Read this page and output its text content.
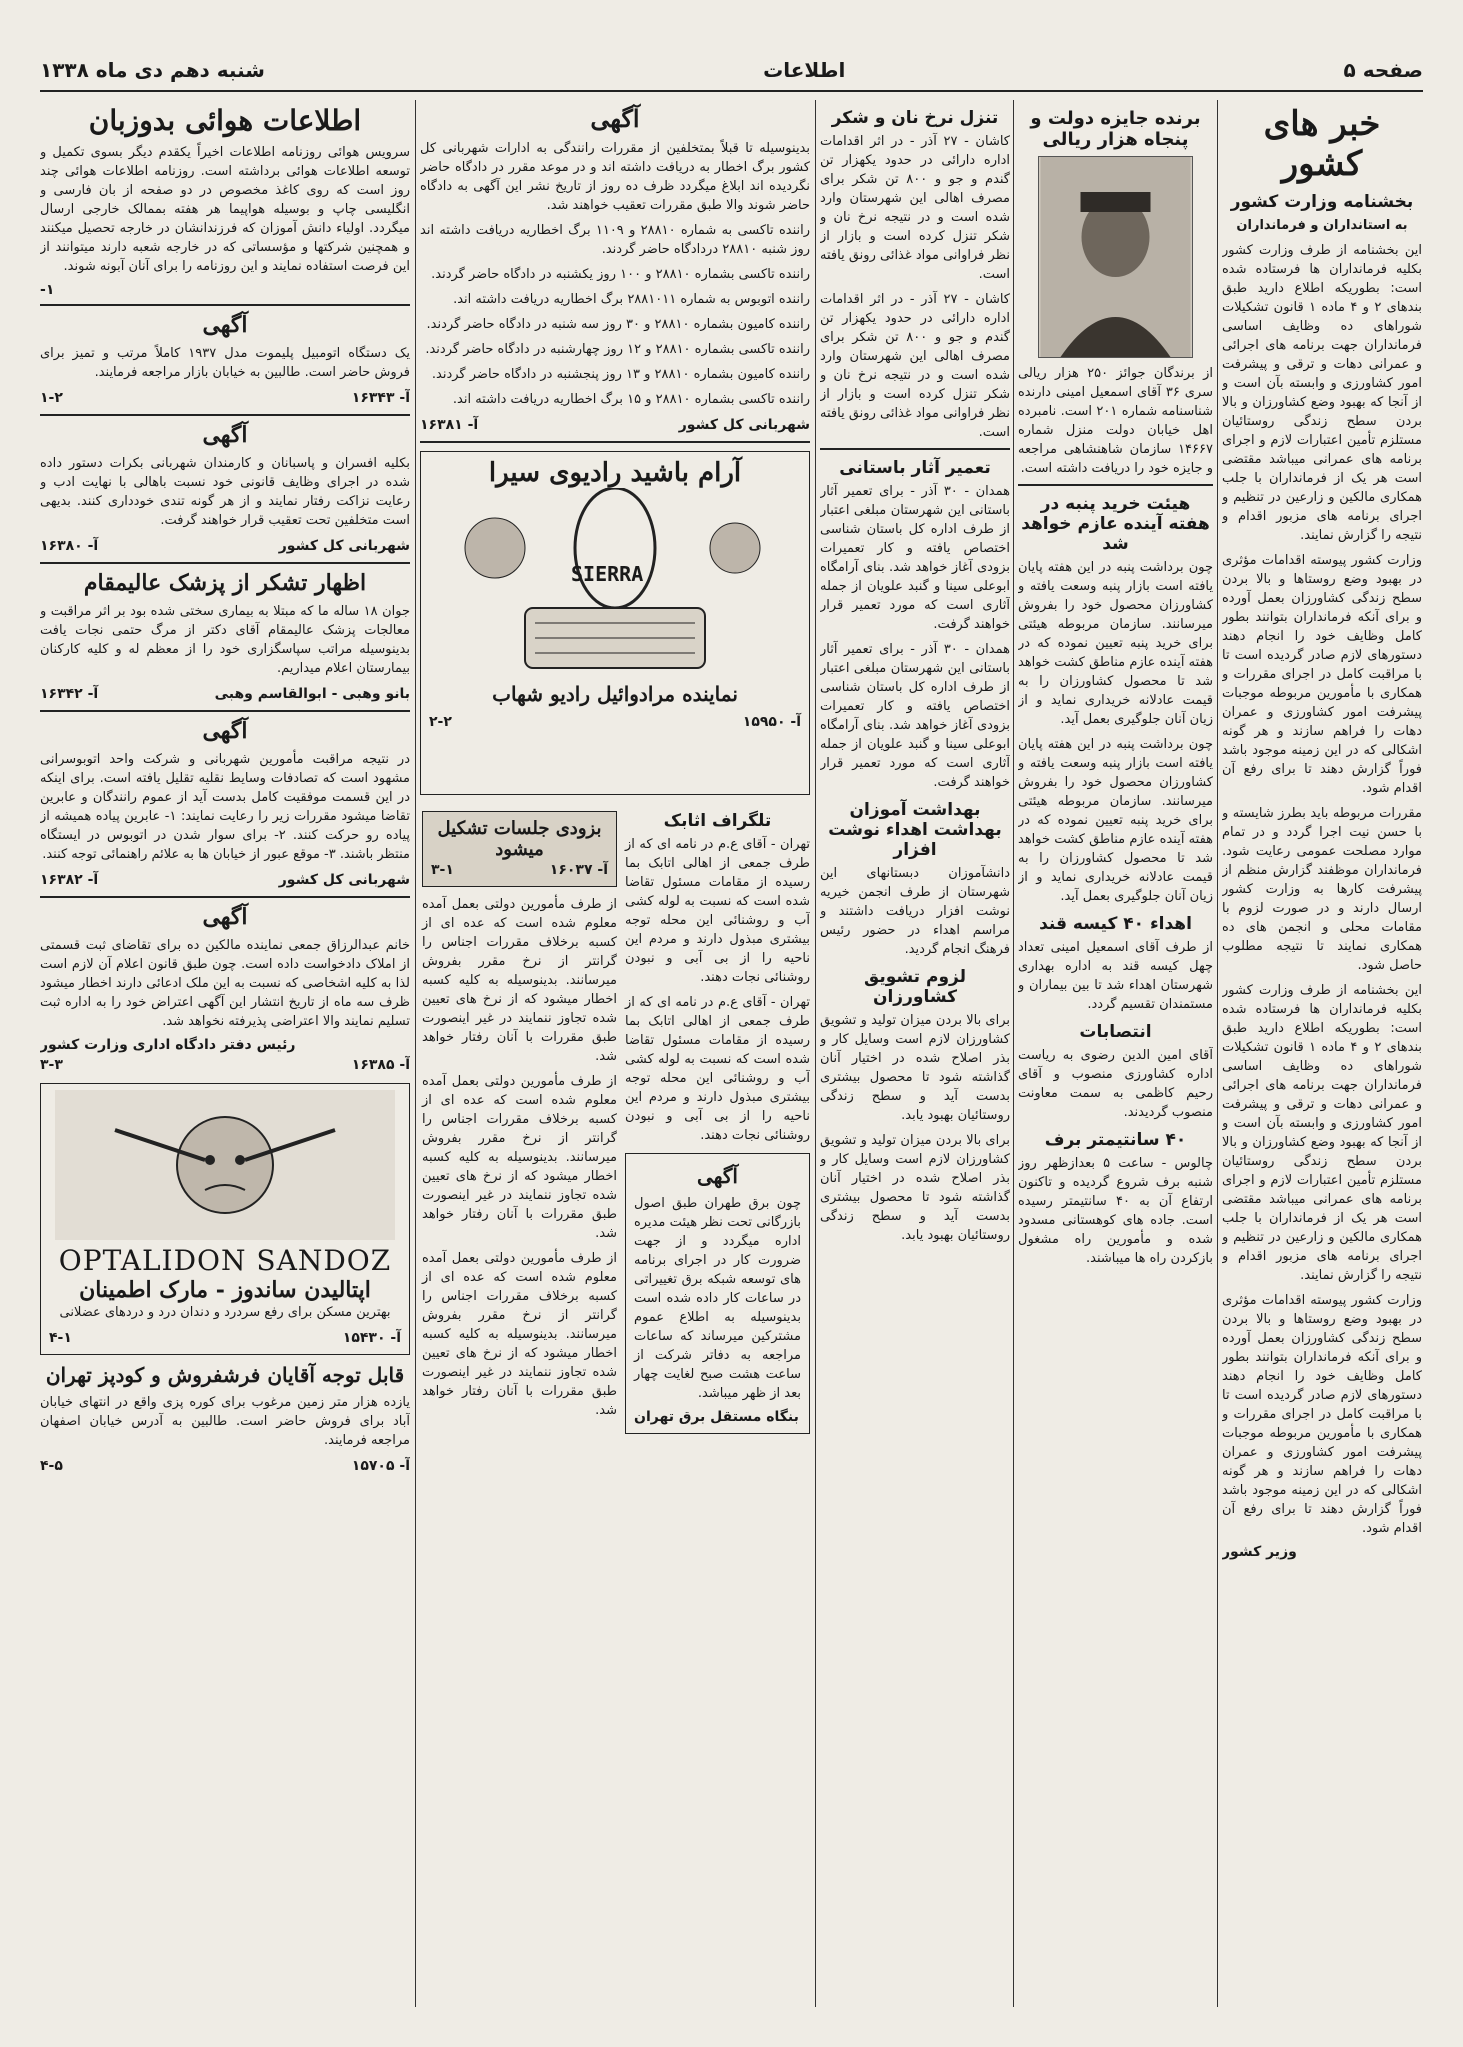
صفحه ۵
اطلاعات
شنبه دهم دی ماه ۱۳۳۸
خبر های کشور
بخشنامه وزارت کشور
به استانداران و فرمانداران

این بخشنامه از طرف وزارت کشور بکلیه فرمانداران ها فرستاده شده است: بطوریکه اطلاع دارید طبق بندهای ۲ و ۴ ماده ۱ قانون تشکیلات شوراهای ده وظایف اساسی فرمانداران جهت برنامه های اجرائی و عمرانی دهات و ترقی و پیشرفت امور کشاورزی و وابسته بآن است و از آنجا که بهبود وضع کشاورزان و بالا بردن سطح زندگی روستائیان مستلزم تأمین اعتبارات لازم و اجرای برنامه های عمرانی میباشد مقتضی است هر یک از فرمانداران با جلب همکاری مالکین و زارعین در تنظیم و اجرای برنامه های مزبور اقدام و نتیجه را گزارش نمایند.

وزارت کشور پیوسته اقدامات مؤثری در بهبود وضع روستاها و بالا بردن سطح زندگی کشاورزان بعمل آورده و برای آنکه فرمانداران بتوانند بطور کامل وظایف خود را انجام دهند دستورهای لازم صادر گردیده است تا با مراقبت کامل در اجرای مقررات و همکاری با مأمورین مربوطه موجبات پیشرفت امور کشاورزی و عمران دهات را فراهم سازند و هر گونه اشکالی که در این زمینه موجود باشد فوراً گزارش دهند تا برای رفع آن اقدام شود.

مقررات مربوطه باید بطرز شایسته و با حسن نیت اجرا گردد و در تمام موارد مصلحت عمومی رعایت شود. فرمانداران موظفند گزارش منظم از پیشرفت کارها به وزارت کشور ارسال دارند و در صورت لزوم با مقامات محلی و انجمن های ده همکاری نمایند تا نتیجه مطلوب حاصل شود.

این بخشنامه از طرف وزارت کشور بکلیه فرمانداران ها فرستاده شده است: بطوریکه اطلاع دارید طبق بندهای ۲ و ۴ ماده ۱ قانون تشکیلات شوراهای ده وظایف اساسی فرمانداران جهت برنامه های اجرائی و عمرانی دهات و ترقی و پیشرفت امور کشاورزی و وابسته بآن است و از آنجا که بهبود وضع کشاورزان و بالا بردن سطح زندگی روستائیان مستلزم تأمین اعتبارات لازم و اجرای برنامه های عمرانی میباشد مقتضی است هر یک از فرمانداران با جلب همکاری مالکین و زارعین در تنظیم و اجرای برنامه های مزبور اقدام و نتیجه را گزارش نمایند.

وزارت کشور پیوسته اقدامات مؤثری در بهبود وضع روستاها و بالا بردن سطح زندگی کشاورزان بعمل آورده و برای آنکه فرمانداران بتوانند بطور کامل وظایف خود را انجام دهند دستورهای لازم صادر گردیده است تا با مراقبت کامل در اجرای مقررات و همکاری با مأمورین مربوطه موجبات پیشرفت امور کشاورزی و عمران دهات را فراهم سازند و هر گونه اشکالی که در این زمینه موجود باشد فوراً گزارش دهند تا برای رفع آن اقدام شود.

وزیر کشور
برنده جایزه دولت و پنجاه هزار ریالی

از برندگان جوائز ۲۵۰ هزار ریالی سری ۳۶ آقای اسمعیل امینی دارنده شناسنامه شماره ۲۰۱ است. نامبرده اهل خیابان دولت منزل شماره ۱۴۶۶۷ سازمان شاهنشاهی مراجعه و جایزه خود را دریافت داشته است.

هیئت خرید پنبه در هفته آینده عازم خواهد شد

چون برداشت پنبه در این هفته پایان یافته است بازار پنبه وسعت یافته و کشاورزان محصول خود را بفروش میرسانند. سازمان مربوطه هیئتی برای خرید پنبه تعیین نموده که در هفته آینده عازم مناطق کشت خواهد شد تا محصول کشاورزان را به قیمت عادلانه خریداری نماید و از زیان آنان جلوگیری بعمل آید.

چون برداشت پنبه در این هفته پایان یافته است بازار پنبه وسعت یافته و کشاورزان محصول خود را بفروش میرسانند. سازمان مربوطه هیئتی برای خرید پنبه تعیین نموده که در هفته آینده عازم مناطق کشت خواهد شد تا محصول کشاورزان را به قیمت عادلانه خریداری نماید و از زیان آنان جلوگیری بعمل آید.

اهداء ۴۰ کیسه قند

از طرف آقای اسمعیل امینی تعداد چهل کیسه قند به اداره بهداری شهرستان اهداء شد تا بین بیماران و مستمندان تقسیم گردد.

انتصابات

آقای امین الدین رضوی به ریاست اداره کشاورزی منصوب و آقای رحیم کاظمی به سمت معاونت منصوب گردیدند.

۴۰ سانتیمتر برف

چالوس - ساعت ۵ بعدازظهر روز شنبه برف شروع گردیده و تاکنون ارتفاع آن به ۴۰ سانتیمتر رسیده است. جاده های کوهستانی مسدود شده و مأمورین راه مشغول بازکردن راه ها میباشند.

تنزل نرخ نان و شکر

کاشان - ۲۷ آذر - در اثر اقدامات اداره دارائی در حدود یکهزار تن گندم و جو و ۸۰۰ تن شکر برای مصرف اهالی این شهرستان وارد شده است و در نتیجه نرخ نان و شکر تنزل کرده است و بازار از نظر فراوانی مواد غذائی رونق یافته است.

کاشان - ۲۷ آذر - در اثر اقدامات اداره دارائی در حدود یکهزار تن گندم و جو و ۸۰۰ تن شکر برای مصرف اهالی این شهرستان وارد شده است و در نتیجه نرخ نان و شکر تنزل کرده است و بازار از نظر فراوانی مواد غذائی رونق یافته است.

تعمیر آثار باستانی

همدان - ۳۰ آذر - برای تعمیر آثار باستانی این شهرستان مبلغی اعتبار از طرف اداره کل باستان شناسی اختصاص یافته و کار تعمیرات بزودی آغاز خواهد شد. بنای آرامگاه ابوعلی سینا و گنبد علویان از جمله آثاری است که مورد تعمیر قرار خواهند گرفت.

همدان - ۳۰ آذر - برای تعمیر آثار باستانی این شهرستان مبلغی اعتبار از طرف اداره کل باستان شناسی اختصاص یافته و کار تعمیرات بزودی آغاز خواهد شد. بنای آرامگاه ابوعلی سینا و گنبد علویان از جمله آثاری است که مورد تعمیر قرار خواهند گرفت.

بهداشت آموزان بهداشت اهداء نوشت افزار

دانشآموزان دبستانهای این شهرستان از طرف انجمن خیریه نوشت افزار دریافت داشتند و مراسم اهداء در حضور رئیس فرهنگ انجام گردید.

لزوم تشویق کشاورزان

برای بالا بردن میزان تولید و تشویق کشاورزان لازم است وسایل کار و بذر اصلاح شده در اختیار آنان گذاشته شود تا محصول بیشتری بدست آید و سطح زندگی روستائیان بهبود یابد.

برای بالا بردن میزان تولید و تشویق کشاورزان لازم است وسایل کار و بذر اصلاح شده در اختیار آنان گذاشته شود تا محصول بیشتری بدست آید و سطح زندگی روستائیان بهبود یابد.

آگهی

بدینوسیله تا قبلاً بمتخلفین از مقررات رانندگی به ادارات شهربانی کل کشور برگ اخطار به دریافت داشته اند و در موعد مقرر در دادگاه حاضر نگردیده اند ابلاغ میگردد ظرف ده روز از تاریخ نشر این آگهی به دادگاه حاضر شوند والا طبق مقررات تعقیب خواهند شد.

راننده تاکسی به شماره ۲۸۸۱۰ و ۱۱۰۹ برگ اخطاریه دریافت داشته اند روز شنبه ۲۸۸۱۰ دردادگاه حاضر گردند.

راننده تاکسی بشماره ۲۸۸۱۰ و ۱۰۰ روز یکشنبه در دادگاه حاضر گردند.

راننده اتوبوس به شماره ۲۸۸۱۰۱۱ برگ اخطاریه دریافت داشته اند.

راننده کامیون بشماره ۲۸۸۱۰ و ۳۰ روز سه شنبه در دادگاه حاضر گردند.

راننده تاکسی بشماره ۲۸۸۱۰ و ۱۲ روز چهارشنبه در دادگاه حاضر گردند.

راننده کامیون بشماره ۲۸۸۱۰ و ۱۳ روز پنجشنبه در دادگاه حاضر گردند.

راننده تاکسی بشماره ۲۸۸۱۰ و ۱۵ برگ اخطاریه دریافت داشته اند.

شهربانی کل کشور
آ- ۱۶۳۸۱
آرام باشید رادیوی سیرا
SIERRA
نماینده مرادوائیل رادیو شهاب
آ- ۱۵۹۵۰
۲-۲
تلگراف اثابک

تهران - آقای ع.م در نامه ای که از طرف جمعی از اهالی اتابک بما رسیده از مقامات مسئول تقاضا شده است که نسبت به لوله کشی آب و روشنائی این محله توجه بیشتری مبذول دارند و مردم این ناحیه را از بی آبی و نبودن روشنائی نجات دهند.

تهران - آقای ع.م در نامه ای که از طرف جمعی از اهالی اتابک بما رسیده از مقامات مسئول تقاضا شده است که نسبت به لوله کشی آب و روشنائی این محله توجه بیشتری مبذول دارند و مردم این ناحیه را از بی آبی و نبودن روشنائی نجات دهند.

آگهی

چون برق طهران طبق اصول بازرگانی تحت نظر هیئت مدیره اداره میگردد و از جهت ضرورت کار در اجرای برنامه های توسعه شبکه برق تغییراتی در ساعات کار داده شده است بدینوسیله به اطلاع عموم مشترکین میرساند که ساعات مراجعه به دفاتر شرکت از ساعت هشت صبح لغایت چهار بعد از ظهر میباشد.

بنگاه مستقل برق تهران
بزودی جلسات تشکیل میشود
آ- ۱۶۰۳۷
۳-۱

از طرف مأمورین دولتی بعمل آمده معلوم شده است که عده ای از کسبه برخلاف مقررات اجناس را گرانتر از نرخ مقرر بفروش میرسانند. بدینوسیله به کلیه کسبه اخطار میشود که از نرخ های تعیین شده تجاوز ننمایند در غیر اینصورت طبق مقررات با آنان رفتار خواهد شد.

از طرف مأمورین دولتی بعمل آمده معلوم شده است که عده ای از کسبه برخلاف مقررات اجناس را گرانتر از نرخ مقرر بفروش میرسانند. بدینوسیله به کلیه کسبه اخطار میشود که از نرخ های تعیین شده تجاوز ننمایند در غیر اینصورت طبق مقررات با آنان رفتار خواهد شد.

از طرف مأمورین دولتی بعمل آمده معلوم شده است که عده ای از کسبه برخلاف مقررات اجناس را گرانتر از نرخ مقرر بفروش میرسانند. بدینوسیله به کلیه کسبه اخطار میشود که از نرخ های تعیین شده تجاوز ننمایند در غیر اینصورت طبق مقررات با آنان رفتار خواهد شد.

اطلاعات هوائی بدوزبان

سرویس هوائی روزنامه اطلاعات اخیراً یکقدم دیگر بسوی تکمیل و توسعه اطلاعات هوائی برداشته است. روزنامه اطلاعات هوائی چند روز است که روی کاغذ مخصوص در دو صفحه از بان فارسی و انگلیسی چاپ و بوسیله هواپیما هر هفته بممالک خارجی ارسال میگردد. اولیاء دانش آموزان که فرزندانشان در خارجه تحصیل میکنند و همچنین شرکتها و مؤسساتی که در خارجه شعبه دارند میتوانند از این فرصت استفاده نمایند و این روزنامه را برای آنان آبونه شوند.

۱-
آگهی

یک دستگاه اتومبیل پلیموت مدل ۱۹۳۷ کاملاً مرتب و تمیز برای فروش حاضر است. طالبین به خیابان بازار مراجعه فرمایند.

آ- ۱۶۳۴۳
۱-۲
آگهی

بکلیه افسران و پاسبانان و کارمندان شهربانی بکرات دستور داده شده در اجرای وظایف قانونی خود نسبت باهالی با نهایت ادب و رعایت نزاکت رفتار نمایند و از هر گونه تندی خودداری کنند. بدیهی است متخلفین تحت تعقیب قرار خواهند گرفت.

شهربانی کل کشور
آ- ۱۶۳۸۰
اظهار تشکر از پزشک عالیمقام

جوان ۱۸ ساله ما که مبتلا به بیماری سختی شده بود بر اثر مراقبت و معالجات پزشک عالیمقام آقای دکتر از مرگ حتمی نجات یافت بدینوسیله مراتب سپاسگزاری خود را از معظم له و کلیه کارکنان بیمارستان اعلام میداریم.

بانو وهبی - ابوالقاسم وهبی
آ- ۱۶۳۴۲
آگهی

در نتیجه مراقبت مأمورین شهربانی و شرکت واحد اتوبوسرانی مشهود است که تصادفات وسایط نقلیه تقلیل یافته است. برای اینکه در این قسمت موفقیت کامل بدست آید از عموم رانندگان و عابرین تقاضا میشود مقررات زیر را رعایت نمایند: ۱- عابرین پیاده همیشه از پیاده رو حرکت کنند. ۲- برای سوار شدن در اتوبوس در ایستگاه منتظر باشند. ۳- موقع عبور از خیابان ها به علائم راهنمائی توجه کنند.

شهربانی کل کشور
آ- ۱۶۳۸۲
آگهی

خانم عبدالرزاق جمعی نماینده مالکین ده برای تقاضای ثبت قسمتی از املاک دادخواست داده است. چون طبق قانون اعلام آن لازم است لذا به کلیه اشخاصی که نسبت به این ملک ادعائی دارند اخطار میشود ظرف سه ماه از تاریخ انتشار این آگهی اعتراض خود را به اداره ثبت تسلیم نمایند والا اعتراضی پذیرفته نخواهد شد.

رئیس دفتر دادگاه اداری وزارت کشور
آ- ۱۶۳۸۵
۳-۳
OPTALIDON SANDOZ
اپتالیدن ساندوز - مارک اطمینان

بهترین مسکن برای رفع سردرد و دندان درد و دردهای عضلانی

آ- ۱۵۴۳۰
۴-۱
قابل توجه آقایان فرشفروش و کودپز تهران

یازده هزار متر زمین مرغوب برای کوره پزی واقع در انتهای خیابان آباد برای فروش حاضر است. طالبین به آدرس خیابان اصفهان مراجعه فرمایند.

آ- ۱۵۷۰۵
۴-۵
